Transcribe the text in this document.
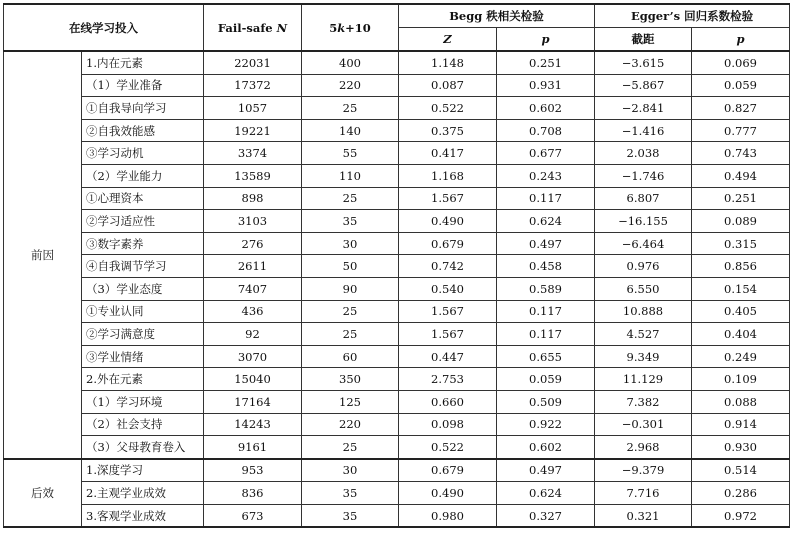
在线学习投入		Fail-safe N	5k+10	Begg 秩相关检验		Egger’s 回归系数检验	
				Z	p	截距	p
前因	1.内在元素	22031	400	1.148	0.251	−3.615	0.069
	（1）学业准备	17372	220	0.087	0.931	−5.867	0.059
	①自我导向学习	1057	25	0.522	0.602	−2.841	0.827
	②自我效能感	19221	140	0.375	0.708	−1.416	0.777
	③学习动机	3374	55	0.417	0.677	2.038	0.743
	（2）学业能力	13589	110	1.168	0.243	−1.746	0.494
	①心理资本	898	25	1.567	0.117	6.807	0.251
	②学习适应性	3103	35	0.490	0.624	−16.155	0.089
	③数字素养	276	30	0.679	0.497	−6.464	0.315
	④自我调节学习	2611	50	0.742	0.458	0.976	0.856
	（3）学业态度	7407	90	0.540	0.589	6.550	0.154
	①专业认同	436	25	1.567	0.117	10.888	0.405
	②学习满意度	92	25	1.567	0.117	4.527	0.404
	③学业情绪	3070	60	0.447	0.655	9.349	0.249
	2.外在元素	15040	350	2.753	0.059	11.129	0.109
	（1）学习环境	17164	125	0.660	0.509	7.382	0.088
	（2）社会支持	14243	220	0.098	0.922	−0.301	0.914
	（3）父母教育卷入	9161	25	0.522	0.602	2.968	0.930
后效	1.深度学习	953	30	0.679	0.497	−9.379	0.514
	2.主观学业成效	836	35	0.490	0.624	7.716	0.286
	3.客观学业成效	673	35	0.980	0.327	0.321	0.972
